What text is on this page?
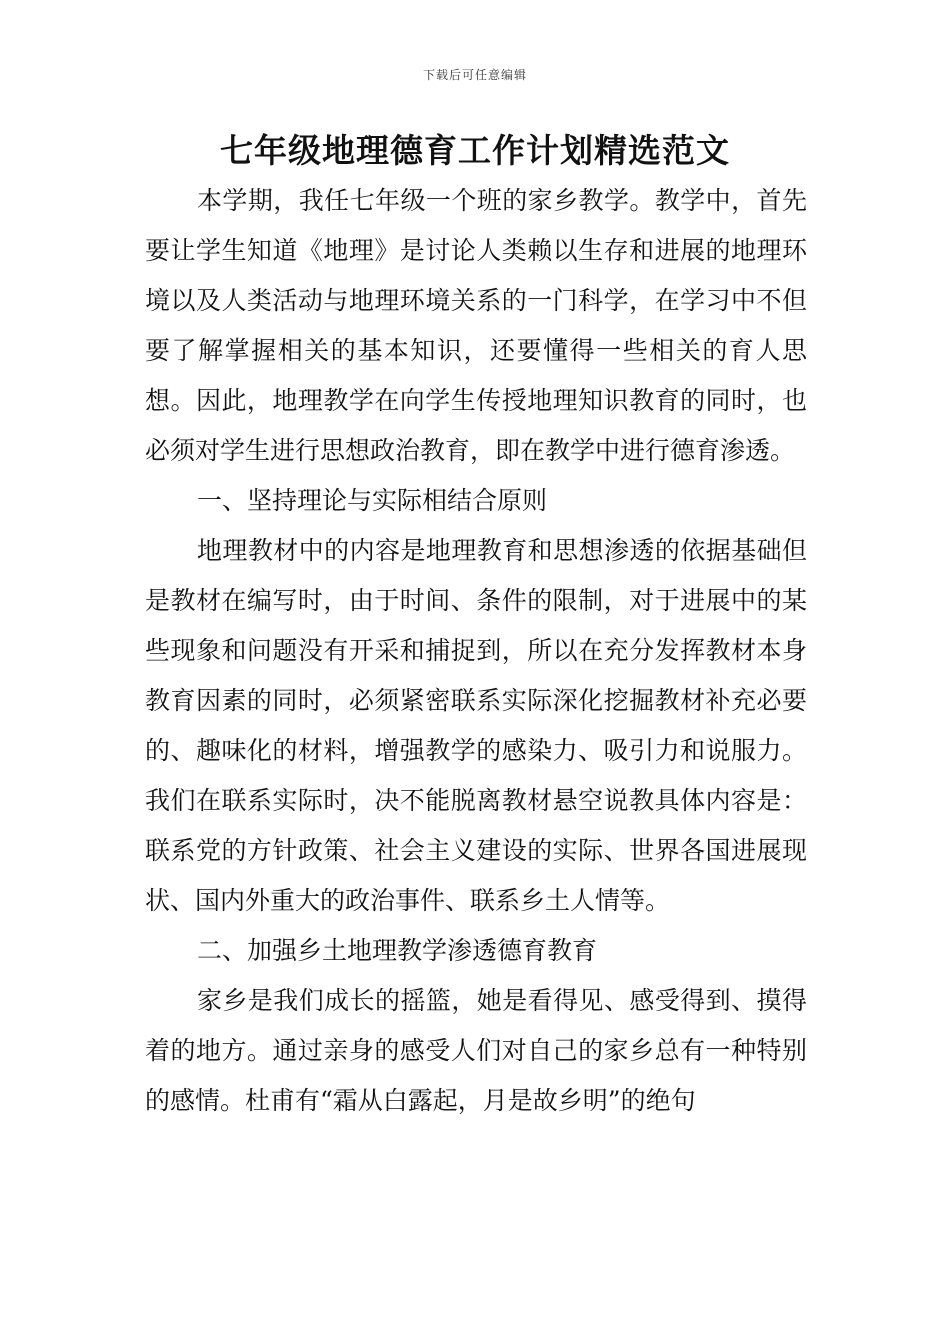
下载后可任意编辑
七年级地理德育工作计划精选范文

本学期，我任七年级一个班的家乡教学。教学中，首先要让学生知道《地理》是讨论人类赖以生存和进展的地理环境以及人类活动与地理环境关系的一门科学，在学习中不但要了解掌握相关的基本知识，还要懂得一些相关的育人思想。因此，地理教学在向学生传授地理知识教育的同时，也必须对学生进行思想政治教育，即在教学中进行德育渗透。

一、坚持理论与实际相结合原则

地理教材中的内容是地理教育和思想渗透的依据基础但是教材在编写时，由于时间、条件的限制，对于进展中的某些现象和问题没有开采和捕捉到，所以在充分发挥教材本身教育因素的同时，必须紧密联系实际深化挖掘教材补充必要的、趣味化的材料，增强教学的感染力、吸引力和说服力。我们在联系实际时，决不能脱离教材悬空说教具体内容是：联系党的方针政策、社会主义建设的实际、世界各国进展现状、国内外重大的政治事件、联系乡土人情等。

二、加强乡土地理教学渗透德育教育

家乡是我们成长的摇篮，她是看得见、感受得到、摸得着的地方。通过亲身的感受人们对自己的家乡总有一种特别的感情。杜甫有“霜从白露起，月是故乡明”的绝句
